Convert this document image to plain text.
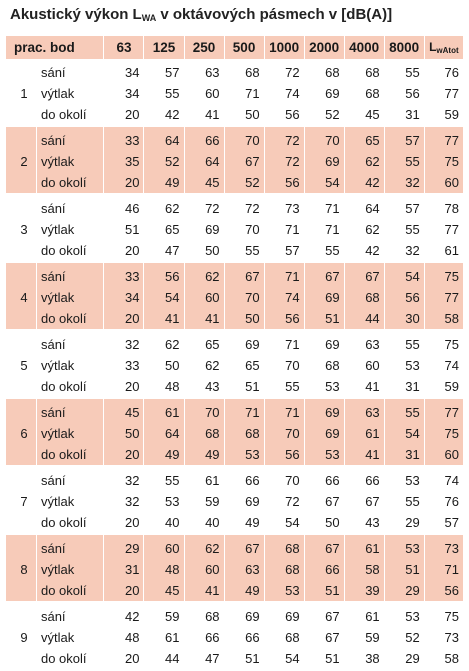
Akustický výkon $L_{WA}$ v oktávových pásmech v [dB(A)]
prac. bod		63	125	250	500	1000	2000	4000	8000	$L_{wAtot}$
	sání	34	57	63	68	72	68	68	55	76
1	výtlak	34	55	60	71	74	69	68	56	77
	do okolí	20	42	41	50	56	52	45	31	59
	sání	33	64	66	70	72	70	65	57	77
2	výtlak	35	52	64	67	72	69	62	55	75
	do okolí	20	49	45	52	56	54	42	32	60
	sání	46	62	72	72	73	71	64	57	78
3	výtlak	51	65	69	70	71	71	62	55	77
	do okolí	20	47	50	55	57	55	42	32	61
	sání	33	56	62	67	71	67	67	54	75
4	výtlak	34	54	60	70	74	69	68	56	77
	do okolí	20	41	41	50	56	51	44	30	58
	sání	32	62	65	69	71	69	63	55	75
5	výtlak	33	50	62	65	70	68	60	53	74
	do okolí	20	48	43	51	55	53	41	31	59
	sání	45	61	70	71	71	69	63	55	77
6	výtlak	50	64	68	68	70	69	61	54	75
	do okolí	20	49	49	53	56	53	41	31	60
	sání	32	55	61	66	70	66	66	53	74
7	výtlak	32	53	59	69	72	67	67	55	76
	do okolí	20	40	40	49	54	50	43	29	57
	sání	29	60	62	67	68	67	61	53	73
8	výtlak	31	48	60	63	68	66	58	51	71
	do okolí	20	45	41	49	53	51	39	29	56
	sání	42	59	68	69	69	67	61	53	75
9	výtlak	48	61	66	66	68	67	59	52	73
	do okolí	20	44	47	51	54	51	38	29	58
